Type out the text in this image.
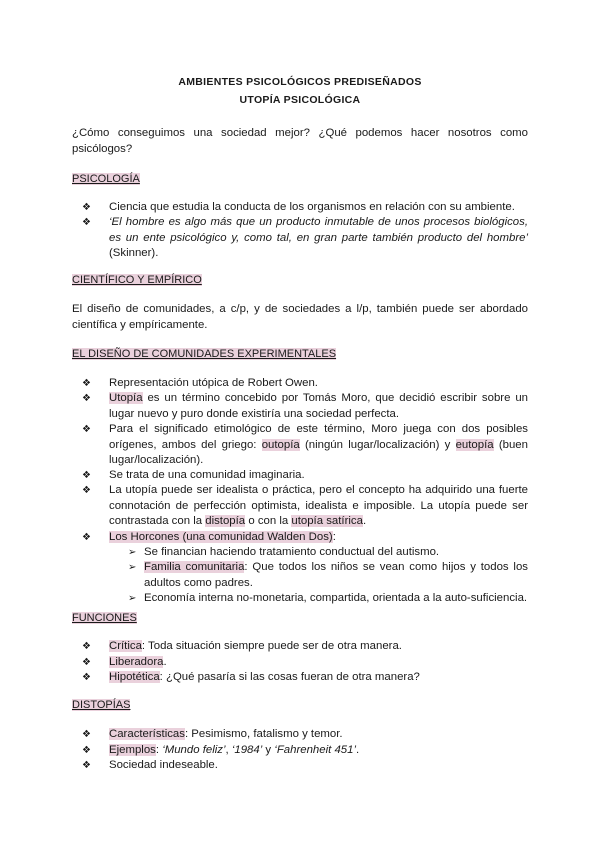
AMBIENTES PSICOLÓGICOS PREDISEÑADOS
UTOPÍA PSICOLÓGICA
¿Cómo conseguimos una sociedad mejor? ¿Qué podemos hacer nosotros como psicólogos?
PSICOLOGÍA
❖ Ciencia que estudia la conducta de los organismos en relación con su ambiente.
❖ ‘El hombre es algo más que un producto inmutable de unos procesos biológicos, es un ente psicológico y, como tal, en gran parte también producto del hombre’ (Skinner).
CIENTÍFICO Y EMPÍRICO
El diseño de comunidades, a c/p, y de sociedades a l/p, también puede ser abordado científica y empíricamente.
EL DISEÑO DE COMUNIDADES EXPERIMENTALES
❖ Representación utópica de Robert Owen.
❖ Utopía es un término concebido por Tomás Moro, que decidió escribir sobre un lugar nuevo y puro donde existiría una sociedad perfecta.
❖ Para el significado etimológico de este término, Moro juega con dos posibles orígenes, ambos del griego: outopía (ningún lugar/localización) y eutopía (buen lugar/localización).
❖ Se trata de una comunidad imaginaria.
❖ La utopía puede ser idealista o práctica, pero el concepto ha adquirido una fuerte connotación de perfección optimista, idealista e imposible. La utopía puede ser contrastada con la distopía o con la utopía satírica.
❖ Los Horcones (una comunidad Walden Dos):
➢ Se financian haciendo tratamiento conductual del autismo.
➢ Familia comunitaria: Que todos los niños se vean como hijos y todos los adultos como padres.
➢ Economía interna no-monetaria, compartida, orientada a la auto-suficiencia.
FUNCIONES
❖ Crítica: Toda situación siempre puede ser de otra manera.
❖ Liberadora.
❖ Hipotética: ¿Qué pasaría si las cosas fueran de otra manera?
DISTOPÍAS
❖ Características: Pesimismo, fatalismo y temor.
❖ Ejemplos: ‘Mundo feliz’, ‘1984’ y ‘Fahrenheit 451’.
❖ Sociedad indeseable.
